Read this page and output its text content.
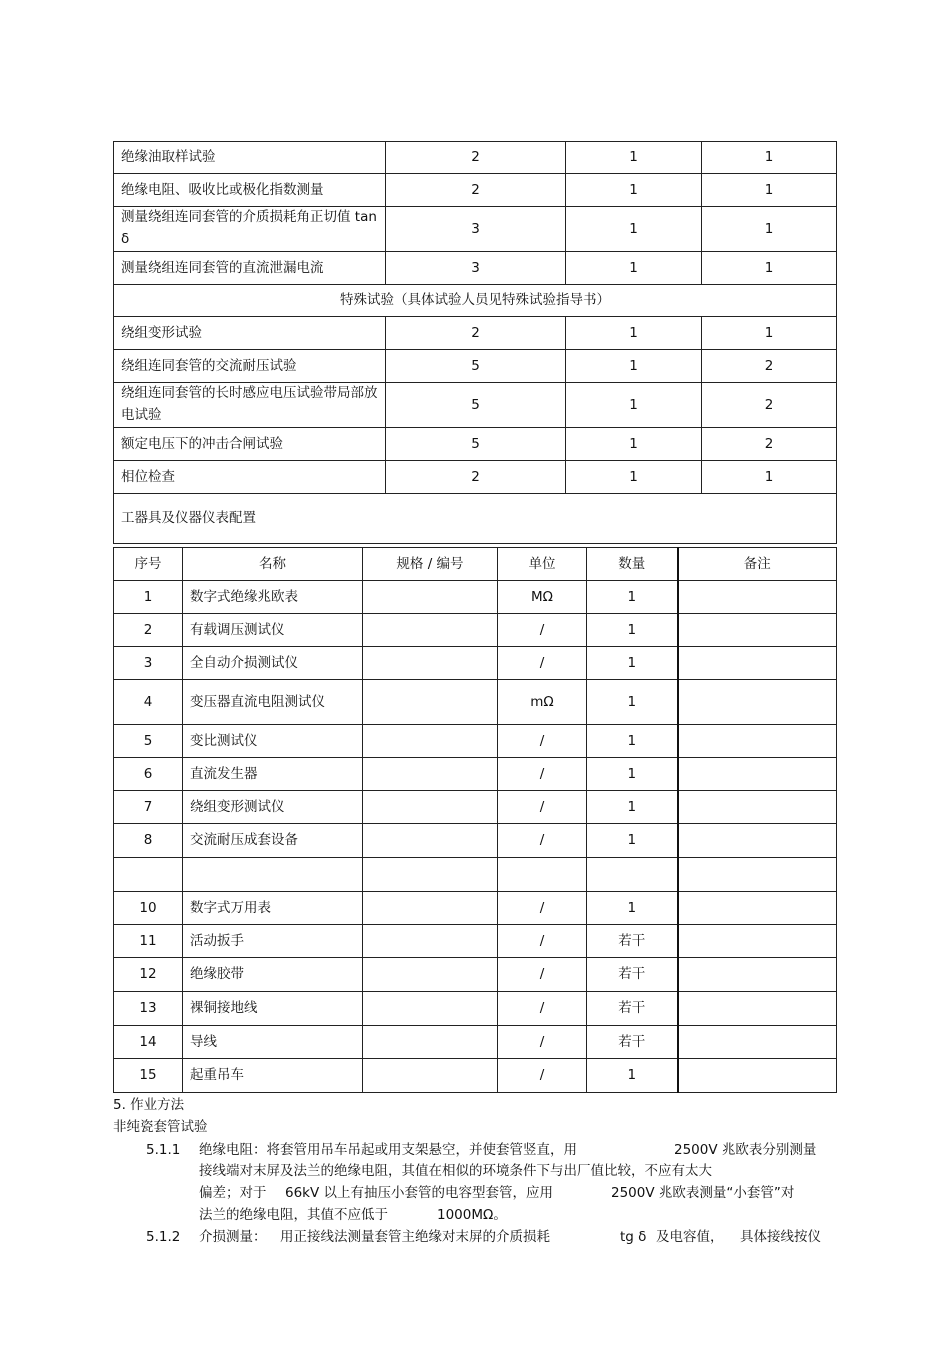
绝缘油取样试验	2	1	1
绝缘电阻、吸收比或极化指数测量	2	1	1
测量绕组连同套管的介质损耗角正切值 tan δ	3	1	1
测量绕组连同套管的直流泄漏电流	3	1	1
特殊试验（具体试验人员见特殊试验指导书）			
绕组变形试验	2	1	1
绕组连同套管的交流耐压试验	5	1	2
绕组连同套管的长时感应电压试验带局部放电试验	5	1	2
额定电压下的冲击合闸试验	5	1	2
相位检查	2	1	1
工器具及仪器仪表配置			
序号	名称	规格 / 编号	单位	数量	备注
1	数字式绝缘兆欧表		MΩ	1	
2	有载调压测试仪		/	1	
3	全自动介损测试仪		/	1	
4	变压器直流电阻测试仪		mΩ	1	
5	变比测试仪		/	1	
6	直流发生器		/	1	
7	绕组变形测试仪		/	1	
8	交流耐压成套设备		/	1	

10	数字式万用表		/	1	
11	活动扳手		/	若干	
12	绝缘胶带		/	若干	
13	裸铜接地线		/	若干	
14	导线		/	若干	
15	起重吊车		/	1	
5. 作业方法
非纯瓷套管试验
5.1.1 绝缘电阻：将套管用吊车吊起或用支架悬空，并使套管竖直，用	2500V 兆欧表分别测量
接线端对末屏及法兰的绝缘电阻，其值在相似的环境条件下与出厂值比较，不应有太大
偏差；对于 66kV 以上有抽压小套管的电容型套管，应用	2500V 兆欧表测量“小套管”对
法兰的绝缘电阻，其值不应低于	1000MΩ。
5.1.2 介损测量： 用正接线法测量套管主绝缘对末屏的介质损耗	tg δ 及电容值， 具体接线按仪
